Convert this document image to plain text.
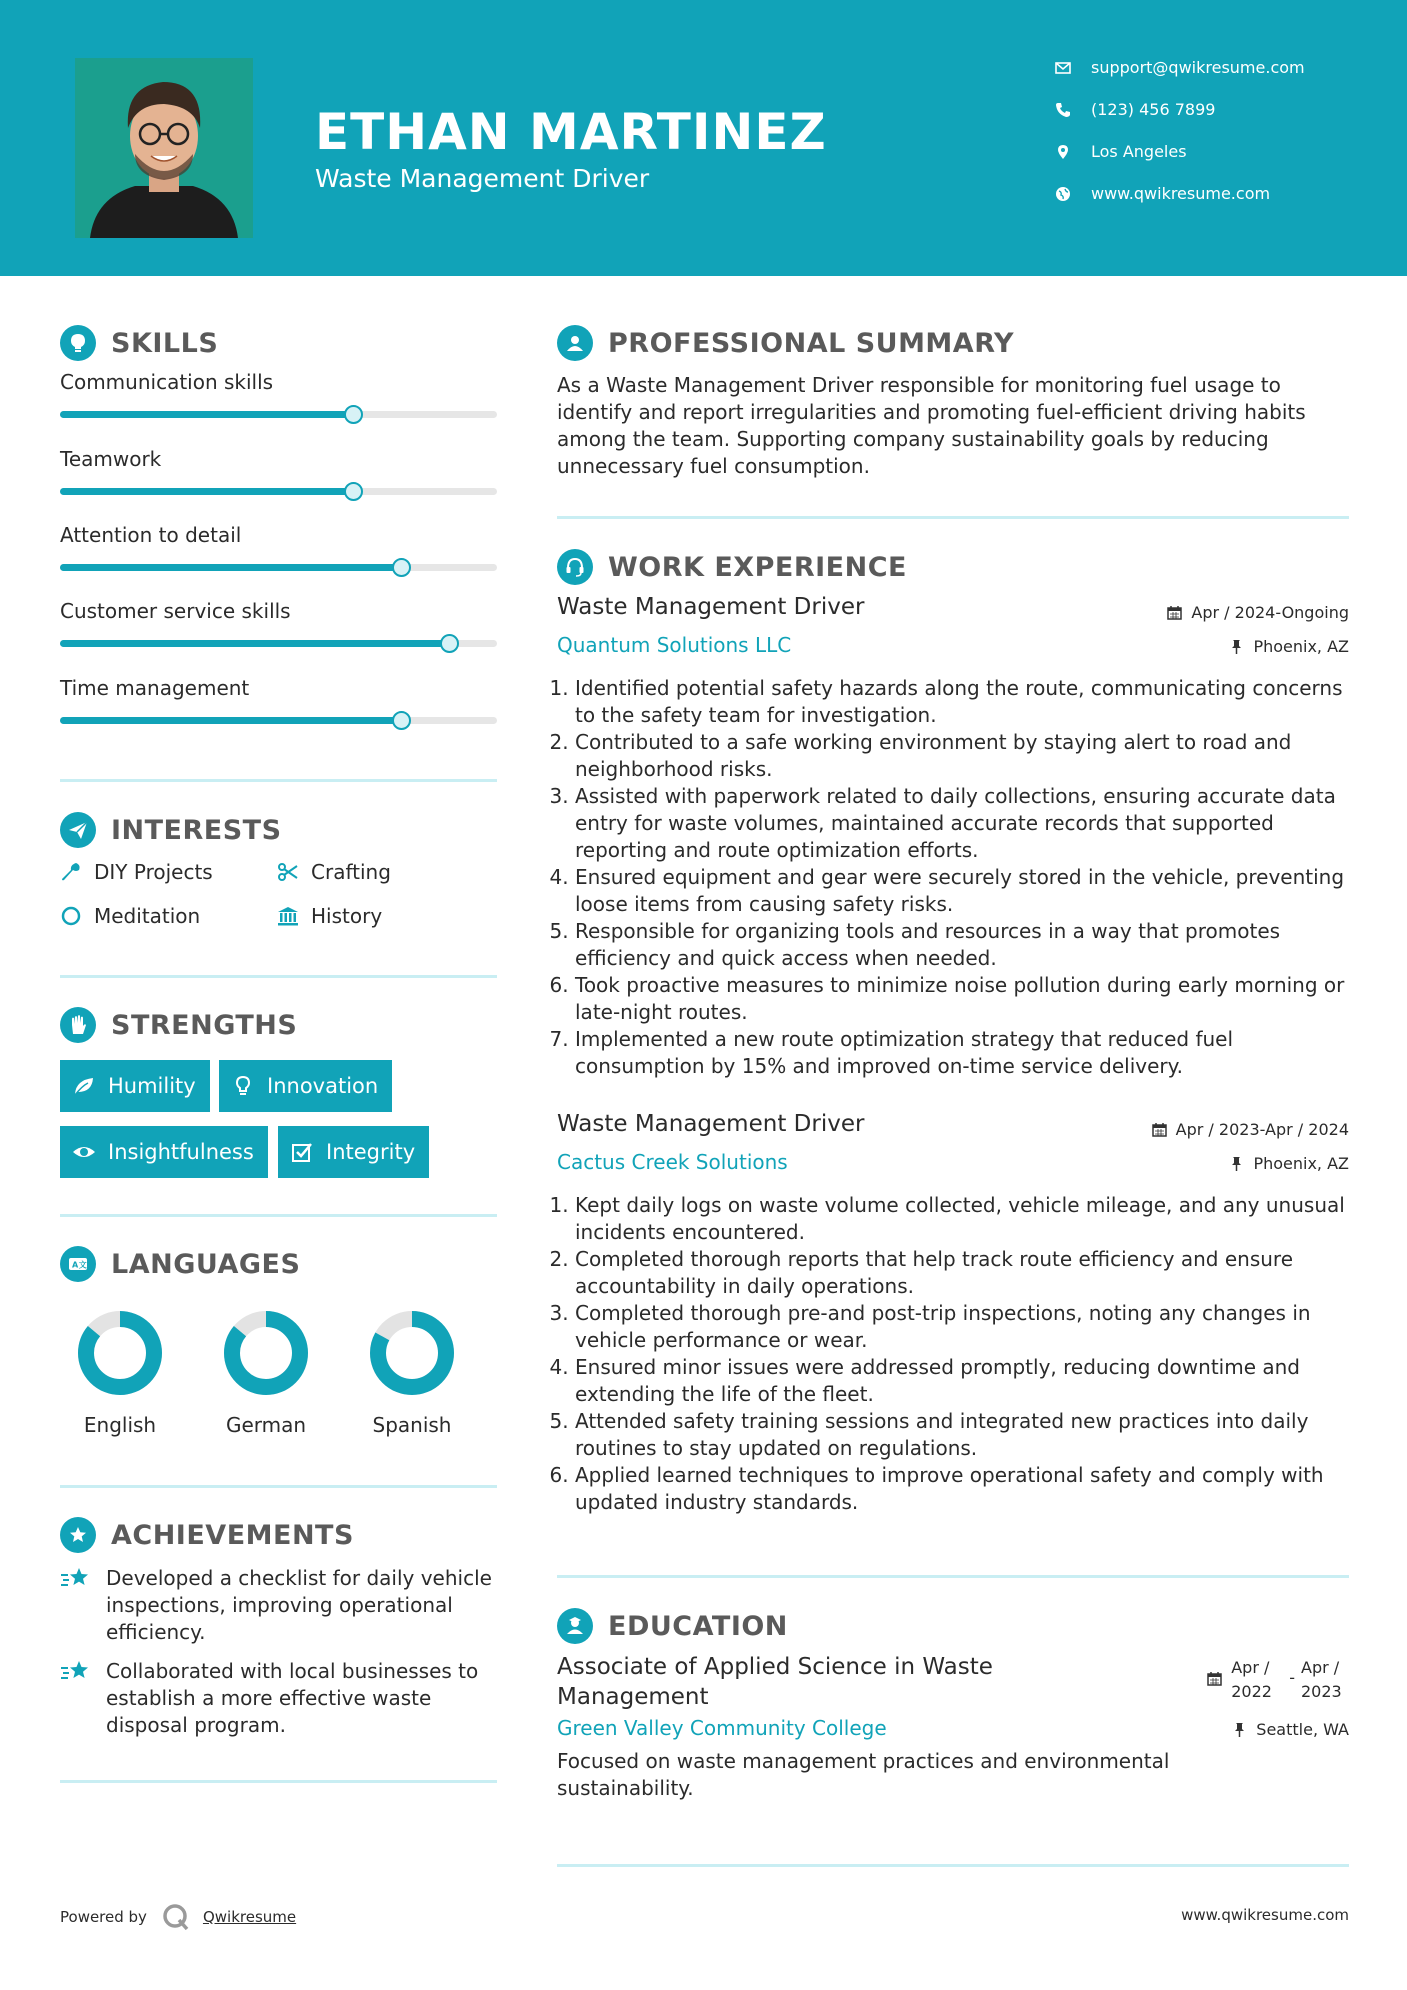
ETHAN MARTINEZ
Waste Management Driver
support@qwikresume.com
(123) 456 7899
Los Angeles
www.qwikresume.com
SKILLS
Communication skills
Teamwork
Attention to detail
Customer service skills
Time management
INTERESTS
DIY Projects	Crafting
Meditation	History
STRENGTHS
Humility	Innovation
Insightfulness	Integrity
A文 LANGUAGES
English	German	Spanish
ACHIEVEMENTS
Developed a checklist for daily vehicle inspections, improving operational efficiency.
Collaborated with local businesses to establish a more effective waste disposal program.
PROFESSIONAL SUMMARY
As a Waste Management Driver responsible for monitoring fuel usage to identify and report irregularities and promoting fuel-efficient driving habits among the team. Supporting company sustainability goals by reducing unnecessary fuel consumption.
WORK EXPERIENCE
Waste Management Driver
Quantum Solutions LLC
Apr / 2024-Ongoing
Phoenix, AZ
1. Identified potential safety hazards along the route, communicating concerns to the safety team for investigation.
2. Contributed to a safe working environment by staying alert to road and neighborhood risks.
3. Assisted with paperwork related to daily collections, ensuring accurate data entry for waste volumes, maintained accurate records that supported reporting and route optimization efforts.
4. Ensured equipment and gear were securely stored in the vehicle, preventing loose items from causing safety risks.
5. Responsible for organizing tools and resources in a way that promotes efficiency and quick access when needed.
6. Took proactive measures to minimize noise pollution during early morning or late-night routes.
7. Implemented a new route optimization strategy that reduced fuel consumption by 15% and improved on-time service delivery.
Waste Management Driver
Cactus Creek Solutions
Apr / 2023-Apr / 2024
Phoenix, AZ
1. Kept daily logs on waste volume collected, vehicle mileage, and any unusual incidents encountered.
2. Completed thorough reports that help track route efficiency and ensure accountability in daily operations.
3. Completed thorough pre-and post-trip inspections, noting any changes in vehicle performance or wear.
4. Ensured minor issues were addressed promptly, reducing downtime and extending the life of the fleet.
5. Attended safety training sessions and integrated new practices into daily routines to stay updated on regulations.
6. Applied learned techniques to improve operational safety and comply with updated industry standards.
EDUCATION
Associate of Applied Science in Waste Management
Apr / 2022
-
Apr / 2023
Green Valley Community College	Seattle, WA
Focused on waste management practices and environmental sustainability.
Powered by	Qwikresume	www.qwikresume.com
